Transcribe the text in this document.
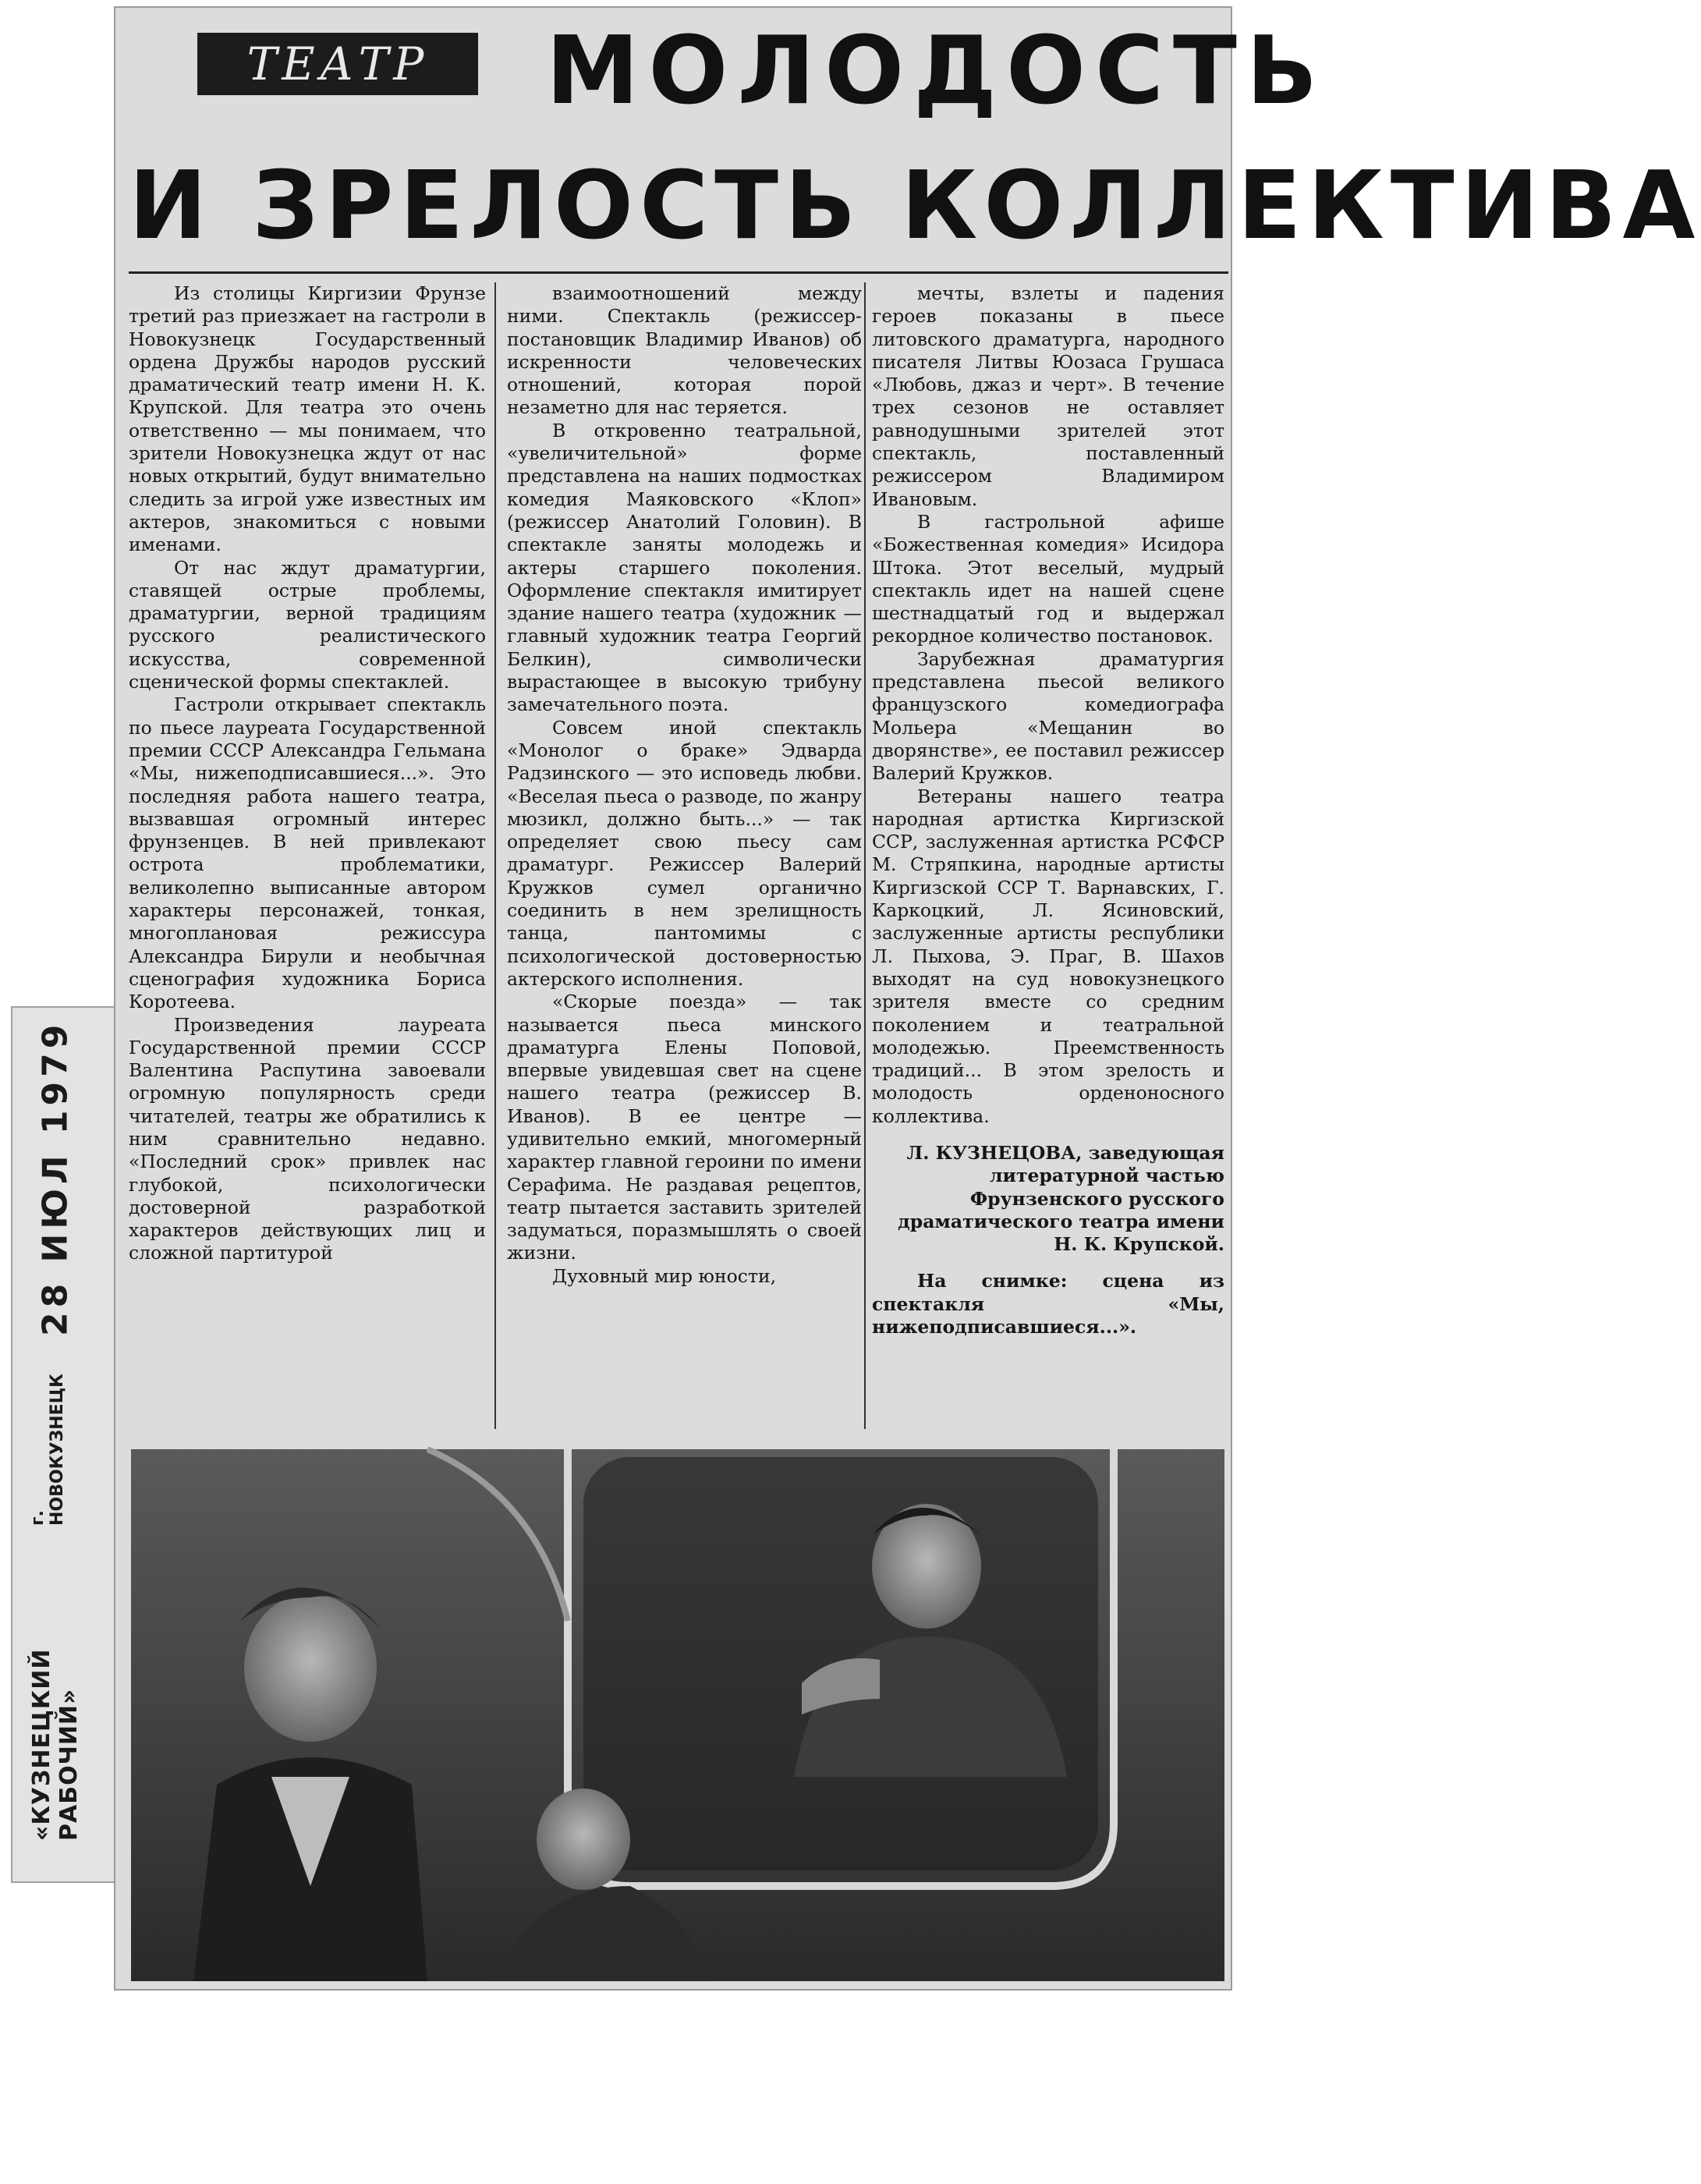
28 ИЮЛ 1979
«КУЗНЕЦКИЙ РАБОЧИЙ»
г. НОВОКУЗНЕЦК
ТЕАТР	МОЛОДОСТЬ
И ЗРЕЛОСТЬ КОЛЛЕКТИВА

Из столицы Киргизии Фрунзе третий раз приезжает на гастроли в Новокузнецк Государственный ордена Дружбы народов русский драматический театр имени Н. К. Крупской. Для театра это очень ответственно — мы понимаем, что зрители Новокузнецка ждут от нас новых открытий, будут внимательно следить за игрой уже известных им актеров, знакомиться с новыми именами.

От нас ждут драматургии, ставящей острые проблемы, драматургии, верной традициям русского реалистического искусства, современной сценической формы спектаклей.

Гастроли открывает спектакль по пьесе лауреата Государственной премии СССР Александра Гельмана «Мы, нижеподписавшиеся...». Это последняя работа нашего театра, вызвавшая огромный интерес фрунзенцев. В ней привлекают острота проблематики, великолепно выписанные автором характеры персонажей, тонкая, многоплановая режиссура Александра Бирули и необычная сценография художника Бориса Коротеева.

Произведения лауреата Государственной премии СССР Валентина Распутина завоевали огромную популярность среди читателей, театры же обратились к ним сравнительно недавно. «Последний срок» привлек нас глубокой, психологически достоверной разработкой характеров действующих лиц и сложной партитурой

взаимоотношений между ними. Спектакль (режиссер-постановщик Владимир Иванов) об искренности человеческих отношений, которая порой незаметно для нас теряется.

В откровенно театральной, «увеличительной» форме представлена на наших подмостках комедия Маяковского «Клоп» (режиссер Анатолий Головин). В спектакле заняты молодежь и актеры старшего поколения. Оформление спектакля имитирует здание нашего театра (художник — главный художник театра Георгий Белкин), символически вырастающее в высокую трибуну замечательного поэта.

Совсем иной спектакль «Монолог о браке» Эдварда Радзинского — это исповедь любви. «Веселая пьеса о разводе, по жанру мюзикл, должно быть...» — так определяет свою пьесу сам драматург. Режиссер Валерий Кружков сумел органично соединить в нем зрелищность танца, пантомимы с психологической достоверностью актерского исполнения.

«Скорые поезда» — так называется пьеса минского драматурга Елены Поповой, впервые увидевшая свет на сцене нашего театра (режиссер В. Иванов). В ее центре — удивительно емкий, многомерный характер главной героини по имени Серафима. Не раздавая рецептов, театр пытается заставить зрителей задуматься, поразмышлять о своей жизни.

Духовный мир юности,

мечты, взлеты и падения героев показаны в пьесе литовского драматурга, народного писателя Литвы Юозаса Грушаса «Любовь, джаз и черт». В течение трех сезонов не оставляет равнодушными зрителей этот спектакль, поставленный режиссером Владимиром Ивановым.

В гастрольной афише «Божественная комедия» Исидора Штока. Этот веселый, мудрый спектакль идет на нашей сцене шестнадцатый год и выдержал рекордное количество постановок.

Зарубежная драматургия представлена пьесой великого французского комедиографа Мольера «Мещанин во дворянстве», ее поставил режиссер Валерий Кружков.

Ветераны нашего театра народная артистка Киргизской ССР, заслуженная артистка РСФСР М. Стряпкина, народные артисты Киргизской ССР Т. Варнавских, Г. Каркоцкий, Л. Ясиновский, заслуженные артисты республики Л. Пыхова, Э. Праг, В. Шахов выходят на суд новокузнецкого зрителя вместе со средним поколением и театральной молодежью. Преемственность традиций... В этом зрелость и молодость орденоносного коллектива.

Л. КУЗНЕЦОВА, заведующая литературной частью Фрунзенского русского драматического театра имени Н. К. Крупской.

На снимке: сцена из спектакля «Мы, нижеподписавшиеся...».
